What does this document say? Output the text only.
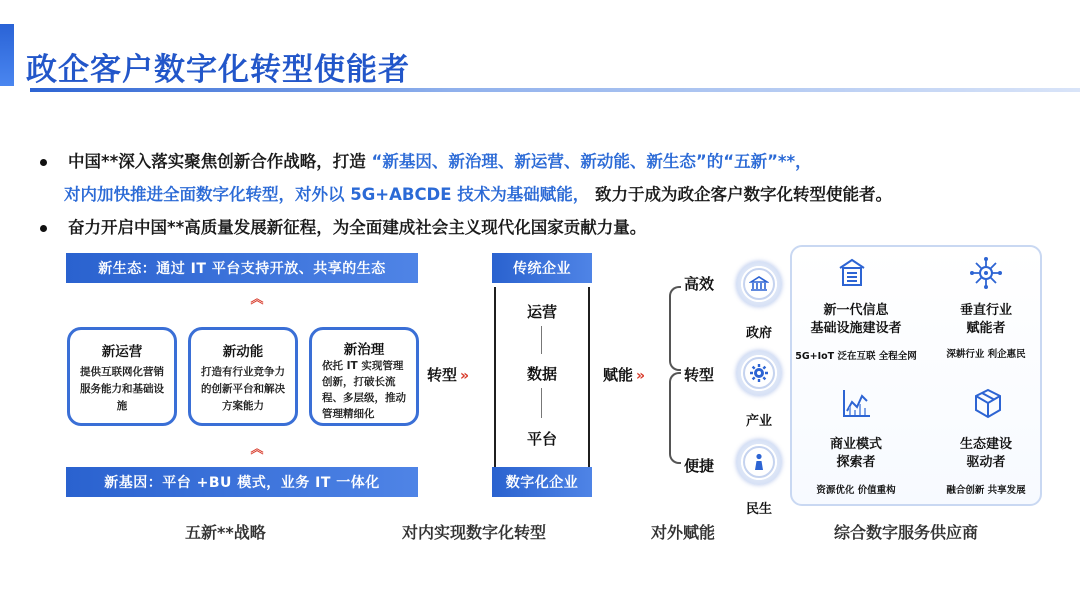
政企客户数字化转型使能者
中国**深入落实聚焦创新合作战略，打造 “新基因、新治理、新运营、新动能、新生态”的“五新”**，
对内加快推进全面数字化转型，对外以 5G+ABCDE 技术为基础赋能， 致力于成为政企客户数字化转型使能者。
奋力开启中国**高质量发展新征程，为全面建成社会主义现代化国家贡献力量。
新生态：通过 IT 平台支持开放、共享的生态
︽
新运营
提供互联网化营销服务能力和基础设施
新动能
打造有行业竞争力的创新平台和解决方案能力
新治理
依托 IT 实现管理创新，打破长流程、多层级，推动管理精细化
︽
新基因：平台 +BU 模式，业务 IT 一体化
转型 »
传统企业
运营
数据
平台
数字化企业
赋能 »
高效
转型
便捷
政府
产业
民生
新一代信息
基础设施建设者
5G+IoT 泛在互联 全程全网
垂直行业
赋能者
深耕行业 利企惠民
商业模式
探索者
资源优化 价值重构
生态建设
驱动者
融合创新 共享发展
五新**战略	对内实现数字化转型	对外赋能	综合数字服务供应商
